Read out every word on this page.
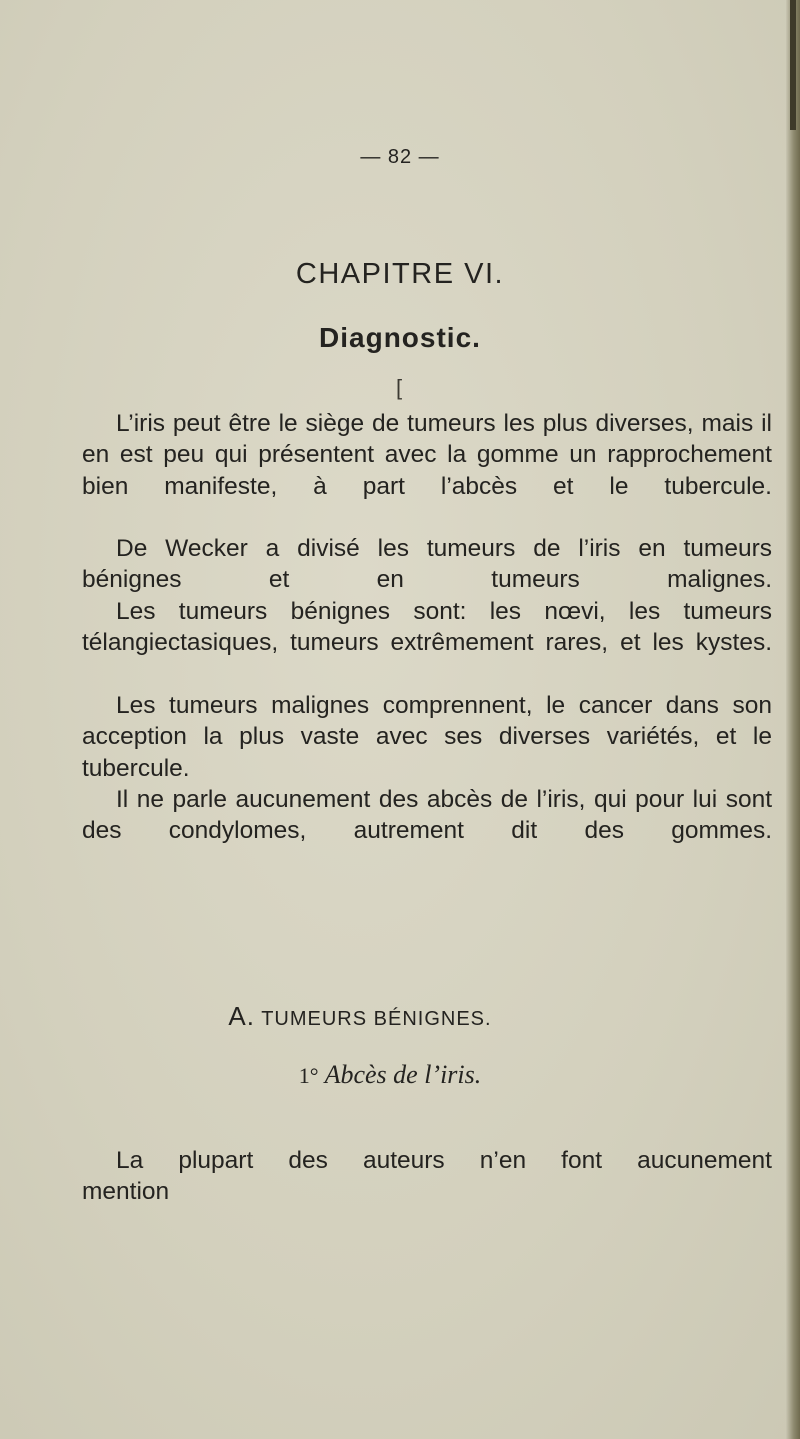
— 82 —
CHAPITRE VI.
Diagnostic.
[

L’iris peut être le siège de tumeurs les plus diverses, mais il en est peu qui présentent avec la gomme un rapprochement bien manifeste, à part l’abcès et le tubercule.

De Wecker a divisé les tumeurs de l’iris en tumeurs bénignes et en tumeurs malignes.

Les tumeurs bénignes sont: les nœvi, les tumeurs télangiectasiques, tumeurs extrêmement rares, et les kystes.

Les tumeurs malignes comprennent, le cancer dans son acception la plus vaste avec ses diverses variétés, et le tubercule.

Il ne parle aucunement des abcès de l’iris, qui pour lui sont des condylomes, autrement dit des gommes.

A. TUMEURS BÉNIGNES.
1° Abcès de l’iris.

La plupart des auteurs n’en font aucunement
mention
